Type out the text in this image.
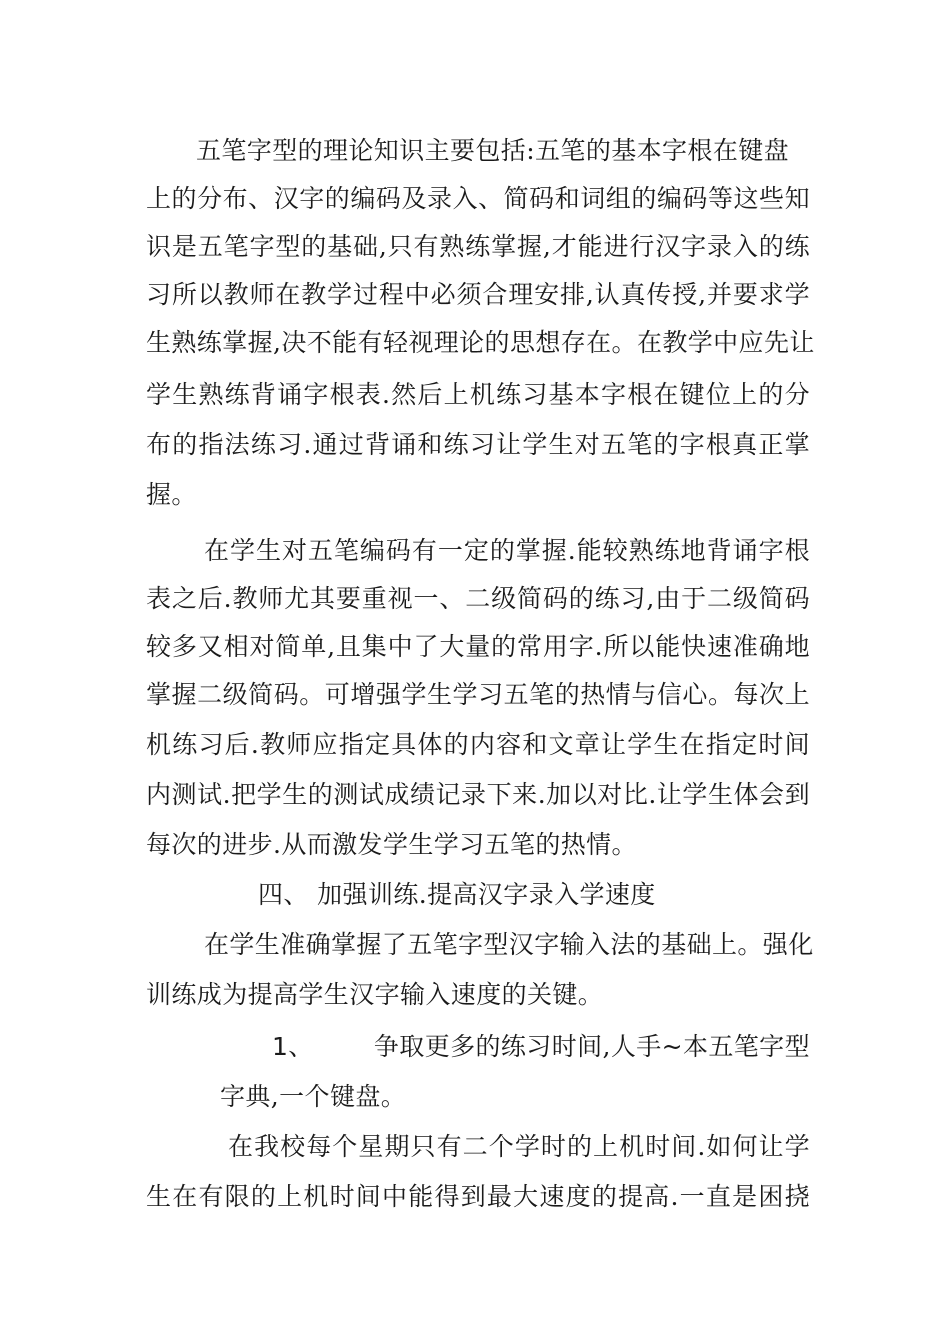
五笔字型的理论知识主要包括:五笔的基本字根在键盘
上的分布、汉字的编码及录入、简码和词组的编码等这些知
识是五笔字型的基础,只有熟练掌握,才能进行汉字录入的练
习所以教师在教学过程中必须合理安排,认真传授,并要求学
生熟练掌握,决不能有轻视理论的思想存在。在教学中应先让
学生熟练背诵字根表.然后上机练习基本字根在键位上的分
布的指法练习.通过背诵和练习让学生对五笔的字根真正掌
握。
在学生对五笔编码有一定的掌握.能较熟练地背诵字根
表之后.教师尤其要重视一、二级简码的练习,由于二级简码
较多又相对简单,且集中了大量的常用字.所以能快速准确地
掌握二级简码。可增强学生学习五笔的热情与信心。每次上
机练习后.教师应指定具体的内容和文章让学生在指定时间
内测试.把学生的测试成绩记录下来.加以对比.让学生体会到
每次的进步.从而激发学生学习五笔的热情。
四、 加强训练.提高汉字录入学速度
在学生准确掌握了五笔字型汉字输入法的基础上。强化
训练成为提高学生汉字输入速度的关键。
1、 争取更多的练习时间,人手~本五笔字型
字典,一个键盘。
在我校每个星期只有二个学时的上机时间.如何让学
生在有限的上机时间中能得到最大速度的提高.一直是困挠
